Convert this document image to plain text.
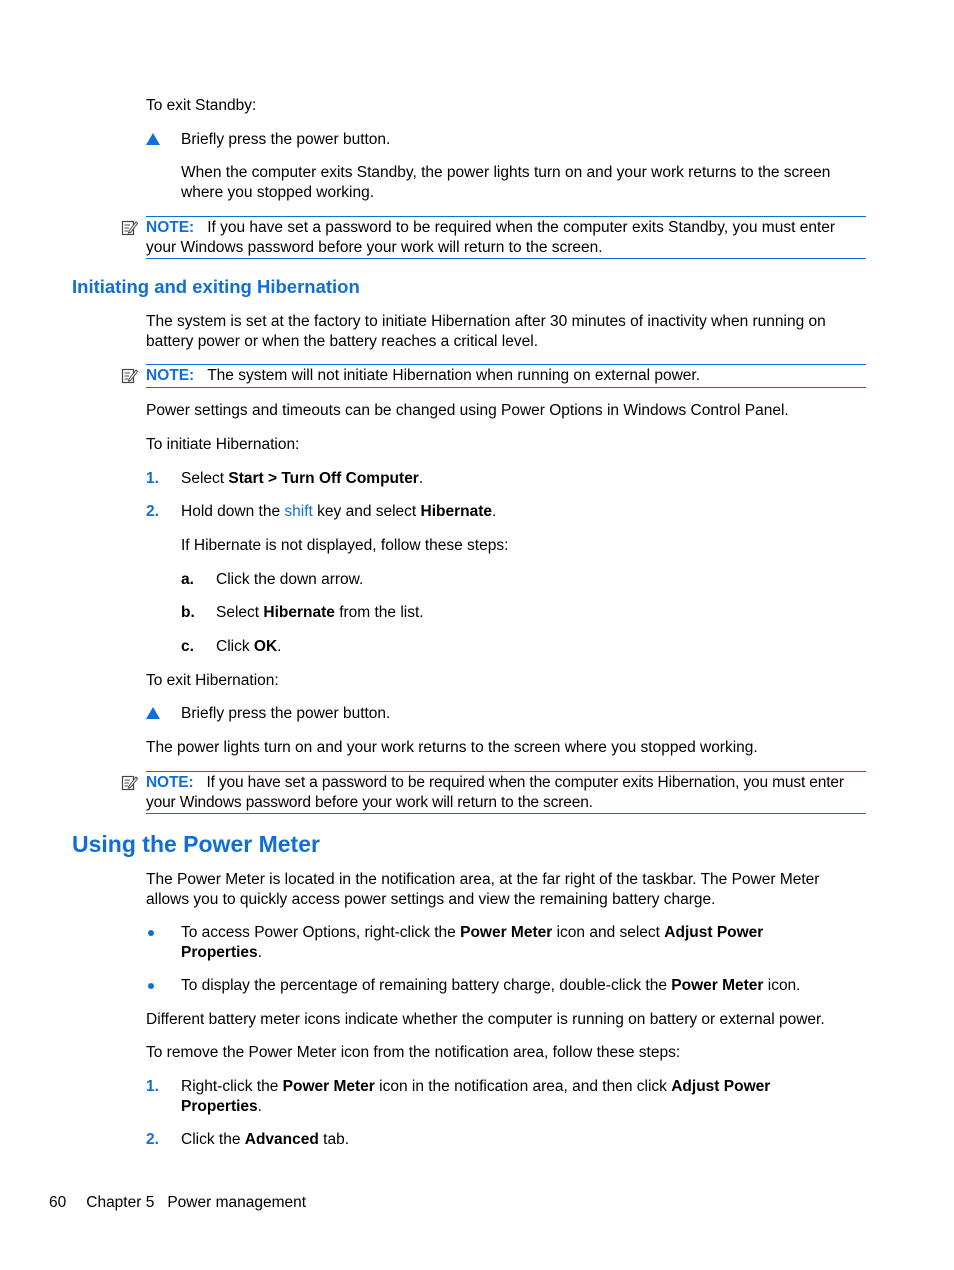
To exit Standby:
Briefly press the power button.
When the computer exits Standby, the power lights turn on and your work returns to the screen where you stopped working.
NOTE: If you have set a password to be required when the computer exits Standby, you must enter your Windows password before your work will return to the screen.
Initiating and exiting Hibernation
The system is set at the factory to initiate Hibernation after 30 minutes of inactivity when running on battery power or when the battery reaches a critical level.
NOTE: The system will not initiate Hibernation when running on external power.
Power settings and timeouts can be changed using Power Options in Windows Control Panel.
To initiate Hibernation:
1.	Select Start > Turn Off Computer.
2.	Hold down the shift key and select Hibernate.
If Hibernate is not displayed, follow these steps:
a.	Click the down arrow.
b.	Select Hibernate from the list.
c.	Click OK.
To exit Hibernation:
Briefly press the power button.
The power lights turn on and your work returns to the screen where you stopped working.
NOTE: If you have set a password to be required when the computer exits Hibernation, you must enter your Windows password before your work will return to the screen.
Using the Power Meter
The Power Meter is located in the notification area, at the far right of the taskbar. The Power Meter allows you to quickly access power settings and view the remaining battery charge.
To access Power Options, right-click the Power Meter icon and select Adjust Power Properties.
To display the percentage of remaining battery charge, double-click the Power Meter icon.
Different battery meter icons indicate whether the computer is running on battery or external power.
To remove the Power Meter icon from the notification area, follow these steps:
1.	Right-click the Power Meter icon in the notification area, and then click Adjust Power Properties.
2.	Click the Advanced tab.
60 Chapter 5 Power management
